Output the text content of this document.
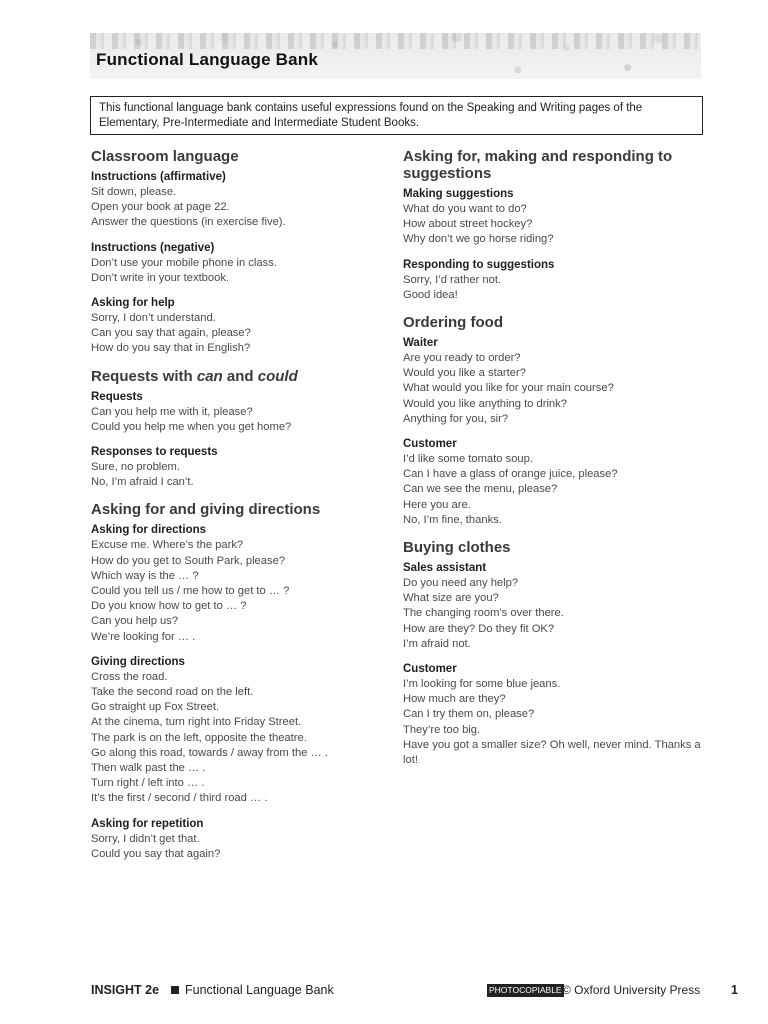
Functional Language Bank
This functional language bank contains useful expressions found on the Speaking and Writing pages of the Elementary, Pre-Intermediate and Intermediate Student Books.
Classroom language
Instructions (affirmative)

Sit down, please.

Open your book at page 22.

Answer the questions (in exercise five).

Instructions (negative)

Don’t use your mobile phone in class.

Don’t write in your textbook.

Asking for help

Sorry, I don’t understand.

Can you say that again, please?

How do you say that in English?

Requests with can and could
Requests

Can you help me with it, please?

Could you help me when you get home?

Responses to requests

Sure, no problem.

No, I’m afraid I can’t.

Asking for and giving directions
Asking for directions

Excuse me. Where’s the park?

How do you get to South Park, please?

Which way is the … ?

Could you tell us / me how to get to … ?

Do you know how to get to … ?

Can you help us?

We’re looking for … .

Giving directions

Cross the road.

Take the second road on the left.

Go straight up Fox Street.

At the cinema, turn right into Friday Street.

The park is on the left, opposite the theatre.

Go along this road, towards / away from the … .

Then walk past the … .

Turn right / left into … .

It’s the first / second / third road … .

Asking for repetition

Sorry, I didn’t get that.

Could you say that again?

Asking for, making and responding to suggestions
Making suggestions

What do you want to do?

How about street hockey?

Why don’t we go horse riding?

Responding to suggestions

Sorry, I’d rather not.

Good idea!

Ordering food
Waiter

Are you ready to order?

Would you like a starter?

What would you like for your main course?

Would you like anything to drink?

Anything for you, sir?

Customer

I’d like some tomato soup.

Can I have a glass of orange juice, please?

Can we see the menu, please?

Here you are.

No, I’m fine, thanks.

Buying clothes
Sales assistant

Do you need any help?

What size are you?

The changing room’s over there.

How are they? Do they fit OK?

I’m afraid not.

Customer

I’m looking for some blue jeans.

How much are they?

Can I try them on, please?

They’re too big.

Have you got a smaller size? Oh well, never mind. Thanks a lot!

INSIGHT 2e Functional Language Bank	PHOTOCOPIABLE © Oxford University Press 1
